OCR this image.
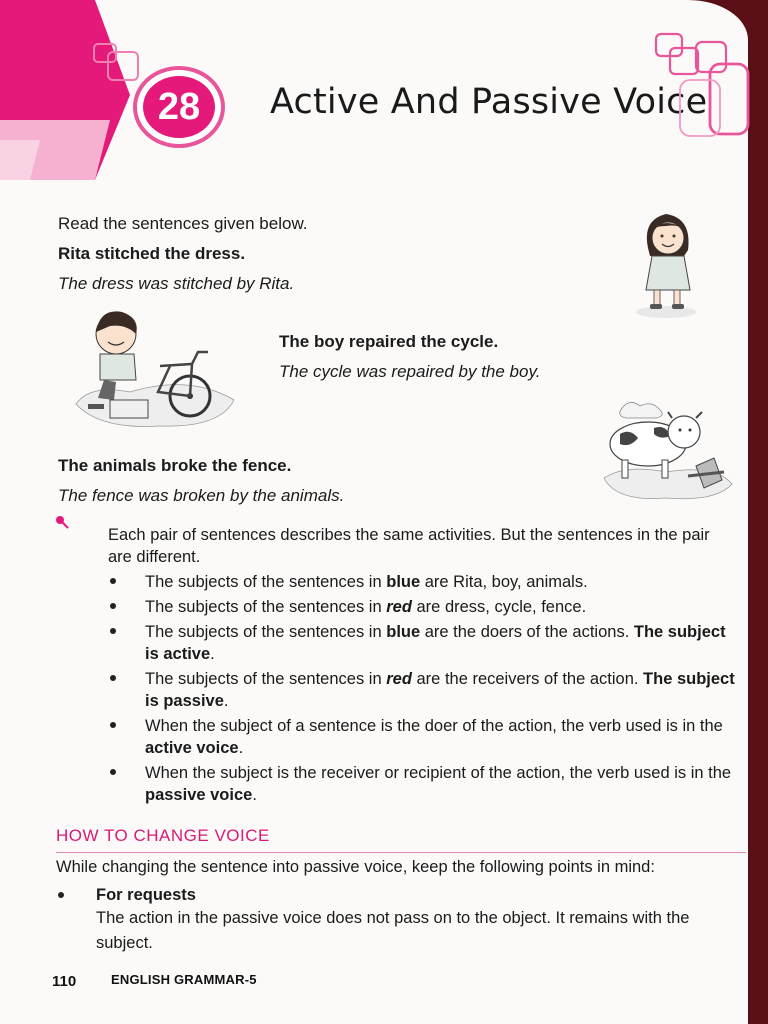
28	Active And Passive Voice
Read the sentences given below.
Rita stitched the dress.
The dress was stitched by Rita.
The boy repaired the cycle.
The cycle was repaired by the boy.
The animals broke the fence.
The fence was broken by the animals.
Each pair of sentences describes the same activities. But the sentences in the pair are different.
The subjects of the sentences in blue are Rita, boy, animals.
The subjects of the sentences in red are dress, cycle, fence.
The subjects of the sentences in blue are the doers of the actions. The subject is active.
The subjects of the sentences in red are the receivers of the action. The subject is passive.
When the subject of a sentence is the doer of the action, the verb used is in the active voice.
When the subject is the receiver or recipient of the action, the verb used is in the passive voice.
HOW TO CHANGE VOICE
While changing the sentence into passive voice, keep the following points in mind:
For requests
The action in the passive voice does not pass on to the object. It remains with the subject.
110	ENGLISH GRAMMAR-5
